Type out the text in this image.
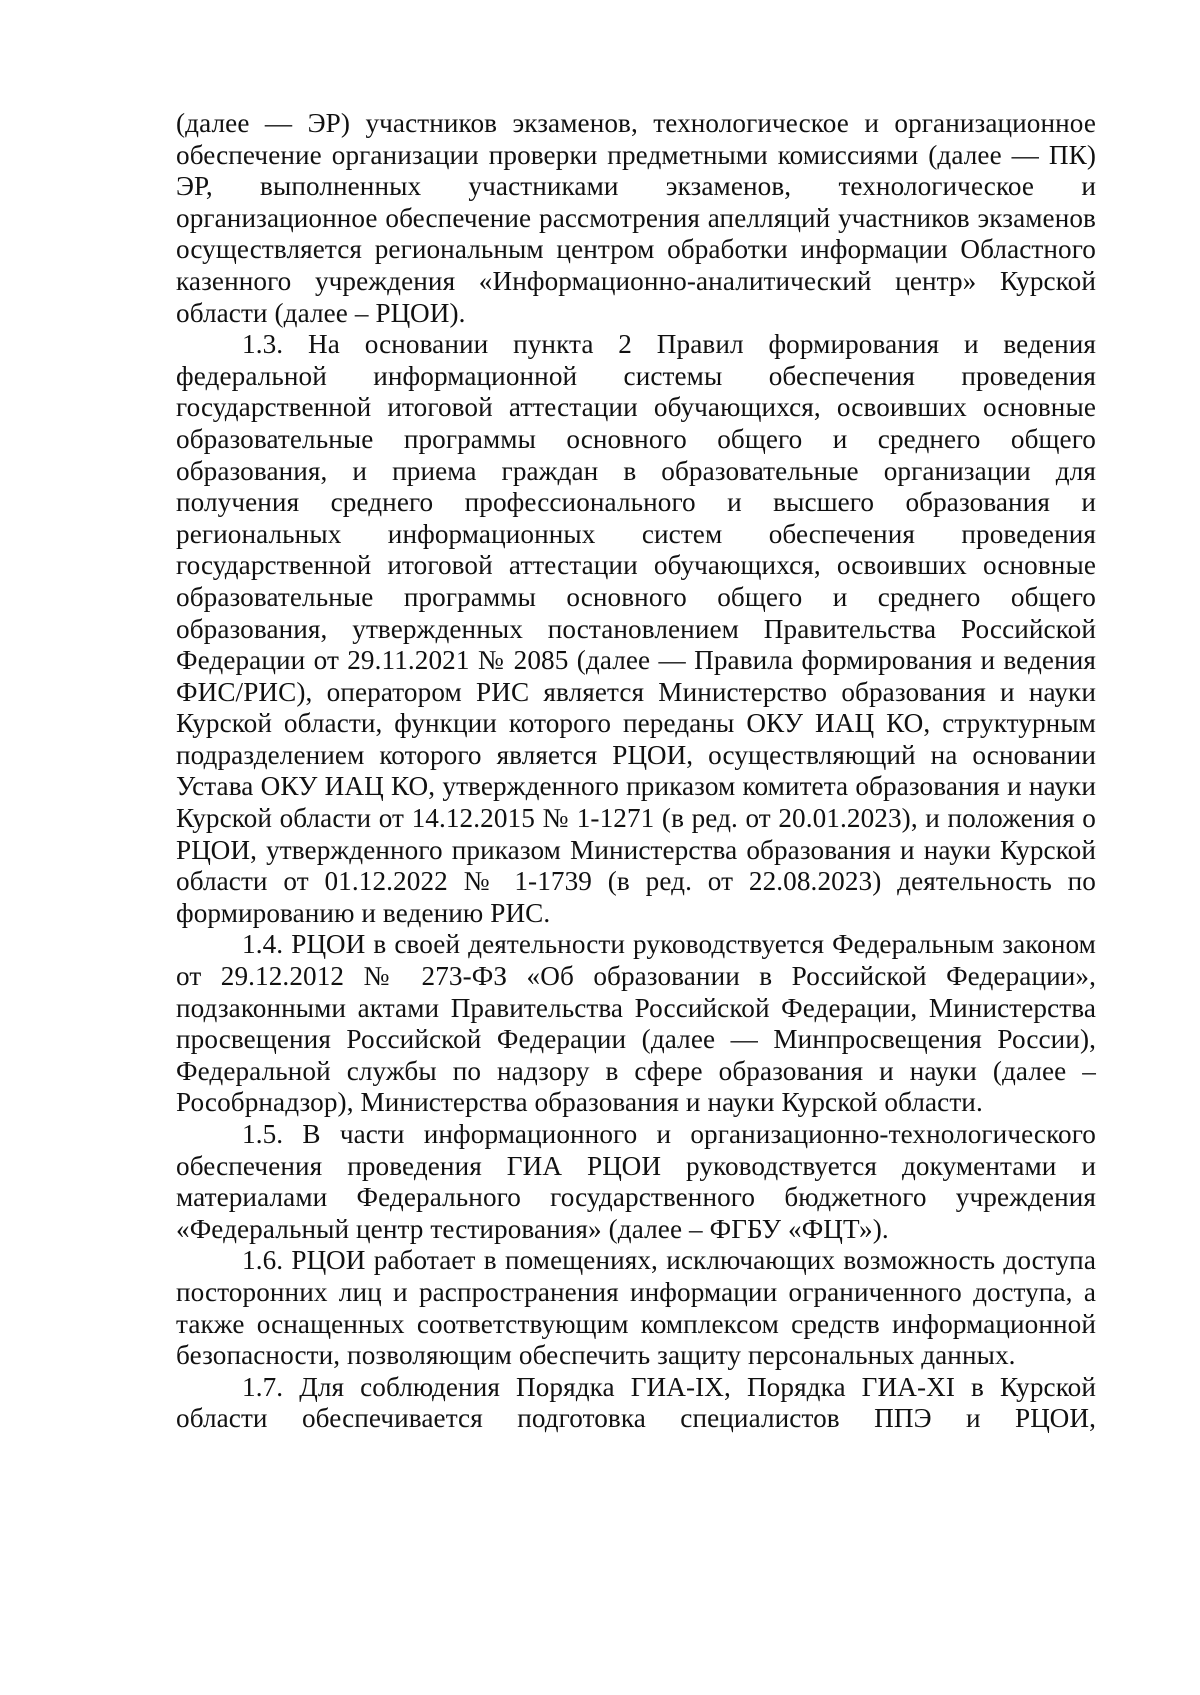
(далее — ЭР) участников экзаменов, технологическое и организационное обеспечение организации проверки предметными комиссиями (далее — ПК) ЭР, выполненных участниками экзаменов, технологическое и организационное обеспечение рассмотрения апелляций участников экзаменов осуществляется региональным центром обработки информации Областного казенного учреждения «Информационно-аналитический центр» Курской области (далее – РЦОИ).

1.3. На основании пункта 2 Правил формирования и ведения федеральной информационной системы обеспечения проведения государственной итоговой аттестации обучающихся, освоивших основные образовательные программы основного общего и среднего общего образования, и приема граждан в образовательные организации для получения среднего профессионального и высшего образования и региональных информационных систем обеспечения проведения государственной итоговой аттестации обучающихся, освоивших основные образовательные программы основного общего и среднего общего образования, утвержденных постановлением Правительства Российской Федерации от 29.11.2021 № 2085 (далее — Правила формирования и ведения ФИС/РИС), оператором РИС является Министерство образования и науки Курской области, функции которого переданы ОКУ ИАЦ КО, структурным подразделением которого является РЦОИ, осуществляющий на основании Устава ОКУ ИАЦ КО, утвержденного приказом комитета образования и науки Курской области от 14.12.2015 № 1-1271 (в ред. от 20.01.2023), и положения о РЦОИ, утвержденного приказом Министерства образования и науки Курской области от 01.12.2022 № 1-1739 (в ред. от 22.08.2023) деятельность по формированию и ведению РИС.

1.4. РЦОИ в своей деятельности руководствуется Федеральным законом от 29.12.2012 № 273-ФЗ «Об образовании в Российской Федерации», подзаконными актами Правительства Российской Федерации, Министерства просвещения Российской Федерации (далее — Минпросвещения России), Федеральной службы по надзору в сфере образования и науки (далее – Рособрнадзор), Министерства образования и науки Курской области.

1.5. В части информационного и организационно-технологического обеспечения проведения ГИА РЦОИ руководствуется документами и материалами Федерального государственного бюджетного учреждения «Федеральный центр тестирования» (далее – ФГБУ «ФЦТ»).

1.6. РЦОИ работает в помещениях, исключающих возможность доступа посторонних лиц и распространения информации ограниченного доступа, а также оснащенных соответствующим комплексом средств информационной безопасности, позволяющим обеспечить защиту персональных данных.

1.7. Для соблюдения Порядка ГИА-IX, Порядка ГИА-XI в Курской области обеспечивается подготовка специалистов ППЭ и РЦОИ,
